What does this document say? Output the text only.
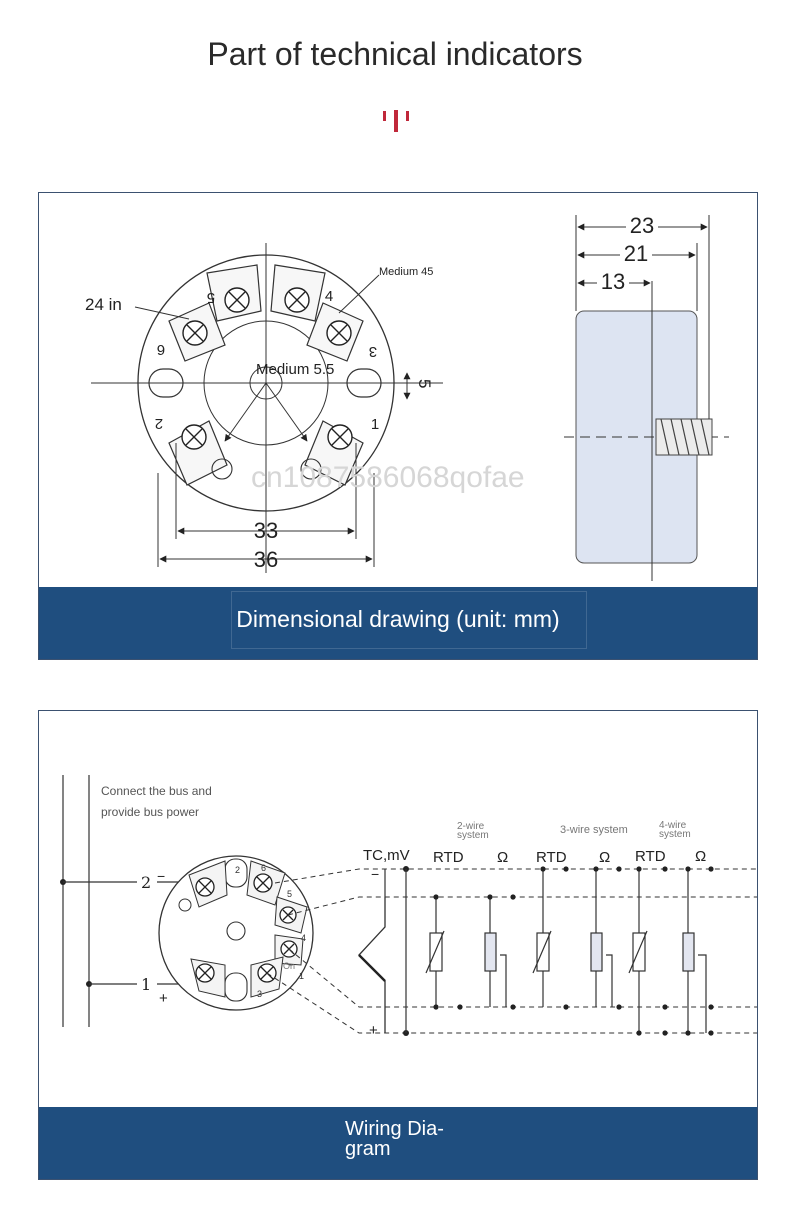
Part of technical indicators
5	4
6	3
2	1
5
33
36
24 in
Medium 45
Medium 5.5
cn1087586068qofae
23
21
13
Dimensional drawing (unit: mm)
Connect the bus and
provide bus power
2 −
1
+
2 6
5
4
3
1
On
2-wire
system	3-wire system	4-wire
system
TC,mV RTD Ω RTD Ω RTD Ω
−
+
Wiring Dia-
gram
